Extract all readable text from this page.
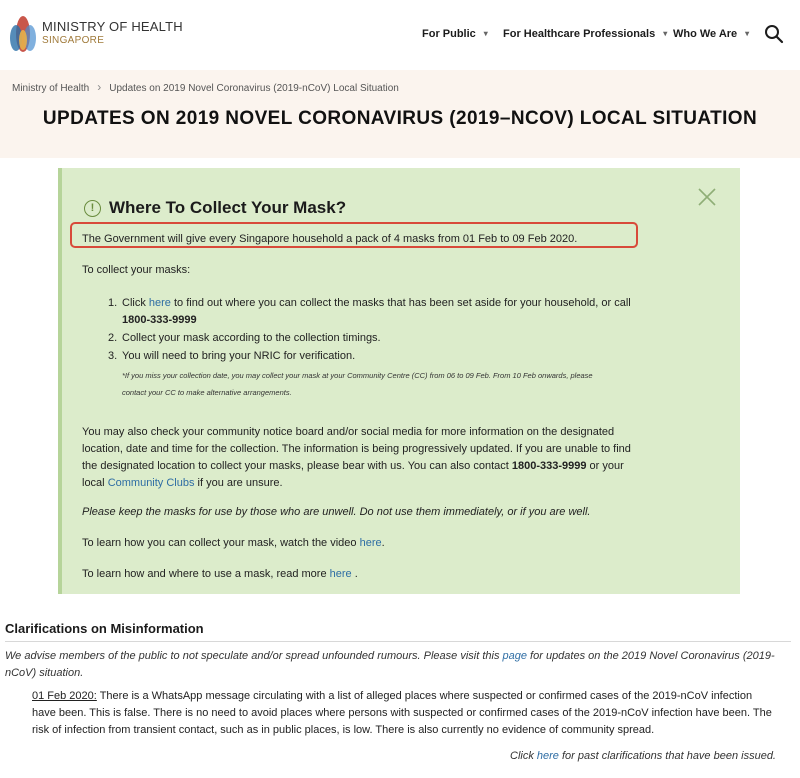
MINISTRY OF HEALTH
SINGAPORE
For Public ▾ For Healthcare Professionals ▾ Who We Are ▾
Ministry of Health › Updates on 2019 Novel Coronavirus (2019-nCoV) Local Situation
UPDATES ON 2019 NOVEL CORONAVIRUS (2019–NCOV) LOCAL SITUATION
! Where To Collect Your Mask?

The Government will give every Singapore household a pack of 4 masks from 01 Feb to 09 Feb 2020.

To collect your masks:

1. Click here to find out where you can collect the masks that has been set aside for your household, or call
1800-333-9999
2. Collect your mask according to the collection timings.
3. You will need to bring your NRIC for verification.
*If you miss your collection date, you may collect your mask at your Community Centre (CC) from 06 to 09 Feb. From 10 Feb onwards, please
contact your CC to make alternative arrangements.

You may also check your community notice board and/or social media for more information on the designated

location, date and time for the collection. The information is being progressively updated. If you are unable to find

the designated location to collect your masks, please bear with us. You can also contact 1800-333-9999 or your

local Community Clubs if you are unsure.

Please keep the masks for use by those who are unwell. Do not use them immediately, or if you are well.

To learn how you can collect your mask, watch the video here.

To learn how and where to use a mask, read more here .

Clarifications on Misinformation
We advise members of the public to not speculate and/or spread unfounded rumours. Please visit this page for updates on the 2019 Novel Coronavirus (2019-
nCoV) situation.
01 Feb 2020: There is a WhatsApp message circulating with a list of alleged places where suspected or confirmed cases of the 2019-nCoV infection
have been. This is false. There is no need to avoid places where persons with suspected or confirmed cases of the 2019-nCoV infection have been. The
risk of infection from transient contact, such as in public places, is low. There is also currently no evidence of community spread.
Click here for past clarifications that have been issued.
